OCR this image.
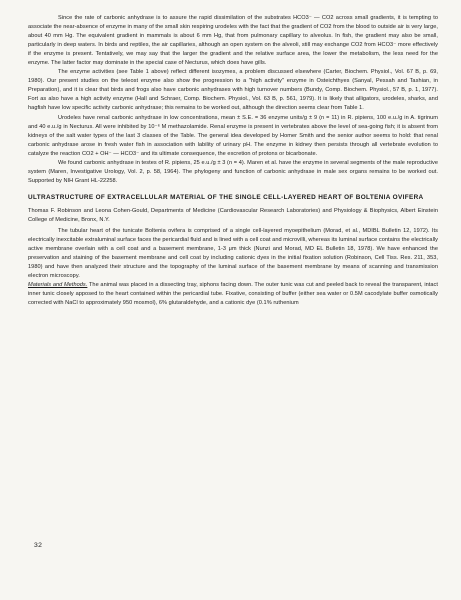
Since the rate of carbonic anhydrase is to assure the rapid dissimilation of the substrates HCO3⁻ — CO2 across small gradients, it is tempting to associate the near-absence of enzyme in many of the small skin respiring urodeles with the fact that the gradient of CO2 from the blood to outside air is very large, about 40 mm Hg. The equivalent gradient in mammals is about 6 mm Hg, that from pulmonary capillary to alveolus. In fish, the gradient may also be small, particularly in deep waters. In birds and reptiles, the air capillaries, although an open system on the alveoli, still may exchange CO2 from HCO3⁻ more effectively if the enzyme is present. Tentatively, we may say that the larger the gradient and the relative surface area, the lower the metabolism, the less need for the enzyme. The latter factor may dominate in the special case of Necturus, which does have gills.

The enzyme activities (see Table 1 above) reflect different isozymes, a problem discussed elsewhere (Carter, Biochem. Physiol., Vol. 67 B, p. 69, 1980). Our present studies on the teleost enzyme also show the progression to a "high activity" enzyme in Osteichthyes (Sanyal, Pessah and Tashian, in Preparation), and it is clear that birds and frogs also have carbonic anhydrases with high turnover numbers (Bundy, Comp. Biochem. Physiol., 57 B, p. 1, 1977). Fort as also have a high activity enzyme (Hall and Schraer, Comp. Biochem. Physiol., Vol. 63 B, p. 561, 1979). It is likely that alligators, urodeles, sharks, and hagfish have low specific activity carbonic anhydrase; this remains to be worked out, although the direction seems clear from Table 1.

Urodeles have renal carbonic anhydrase in low concentrations, mean ± S.E. = 36 enzyme units/g ± 9 (n = 11) in R. pipiens, 100 e.u./g in A. tigrinum and 40 e.u./g in Necturus. All were inhibited by 10⁻⁶ M methazolamide. Renal enzyme is present in vertebrates above the level of sea-going fish; it is absent from kidneys of the salt water types of the last 3 classes of the Table. The general idea developed by Homer Smith and the senior author seems to hold: that renal carbonic anhydrase arose in fresh water fish in association with lability of urinary pH. The enzyme in kidney then persists through all vertebrate evolution to catalyze the reaction CO2 + OH⁻ — HCO3⁻ and its ultimate consequence, the excretion of protons or bicarbonate.

We found carbonic anhydrase in testes of R. pipiens, 25 e.u./g ± 3 (n = 4). Maren et al. have the enzyme in several segments of the male reproductive system (Maren, Investigative Urology, Vol. 2, p. 58, 1964). The phylogeny and function of carbonic anhydrase in male sex organs remains to be worked out. Supported by NIH Grant HL-22258.

ULTRASTRUCTURE OF EXTRACELLULAR MATERIAL OF THE SINGLE CELL-LAYERED HEART OF BOLTENIA OVIFERA

Thomas F. Robinson and Leona Cohen-Gould, Departments of Medicine (Cardiovascular Research Laboratories) and Physiology & Biophysics, Albert Einstein College of Medicine, Bronx, N.Y.

The tubular heart of the tunicate Boltenia ovifera is comprised of a single cell-layered myoepithelium (Morad, et al., MDIBL Bulletin 12, 1972). Its electrically inexcitable extraluminal surface faces the pericardial fluid and is lined with a cell coat and microvilli, whereas its luminal surface contains the electrically active membrane overlain with a cell coat and a basement membrane, 1-3 μm thick (Nunzi and Morad, MD EL Bulletin 18, 1978). We have enhanced the preservation and staining of the basement membrane and cell coat by including cationic dyes in the initial fixation solution (Robinson, Cell Tiss. Res. 211, 353, 1980) and have then analyzed their structure and the topography of the luminal surface of the basement membrane by means of scanning and transmission electron microscopy.

Materials and Methods. The animal was placed in a dissecting tray, siphons facing down. The outer tunic was cut and peeled back to reveal the transparent, intact inner tunic closely apposed to the heart contained within the pericardial tube. Fixative, consisting of buffer (either sea water or 0.5M cacodylate buffer osmotically corrected with NaCl to approximately 950 mosmol), 6% glutaraldehyde, and a cationic dye (0.1% ruthenium

32
